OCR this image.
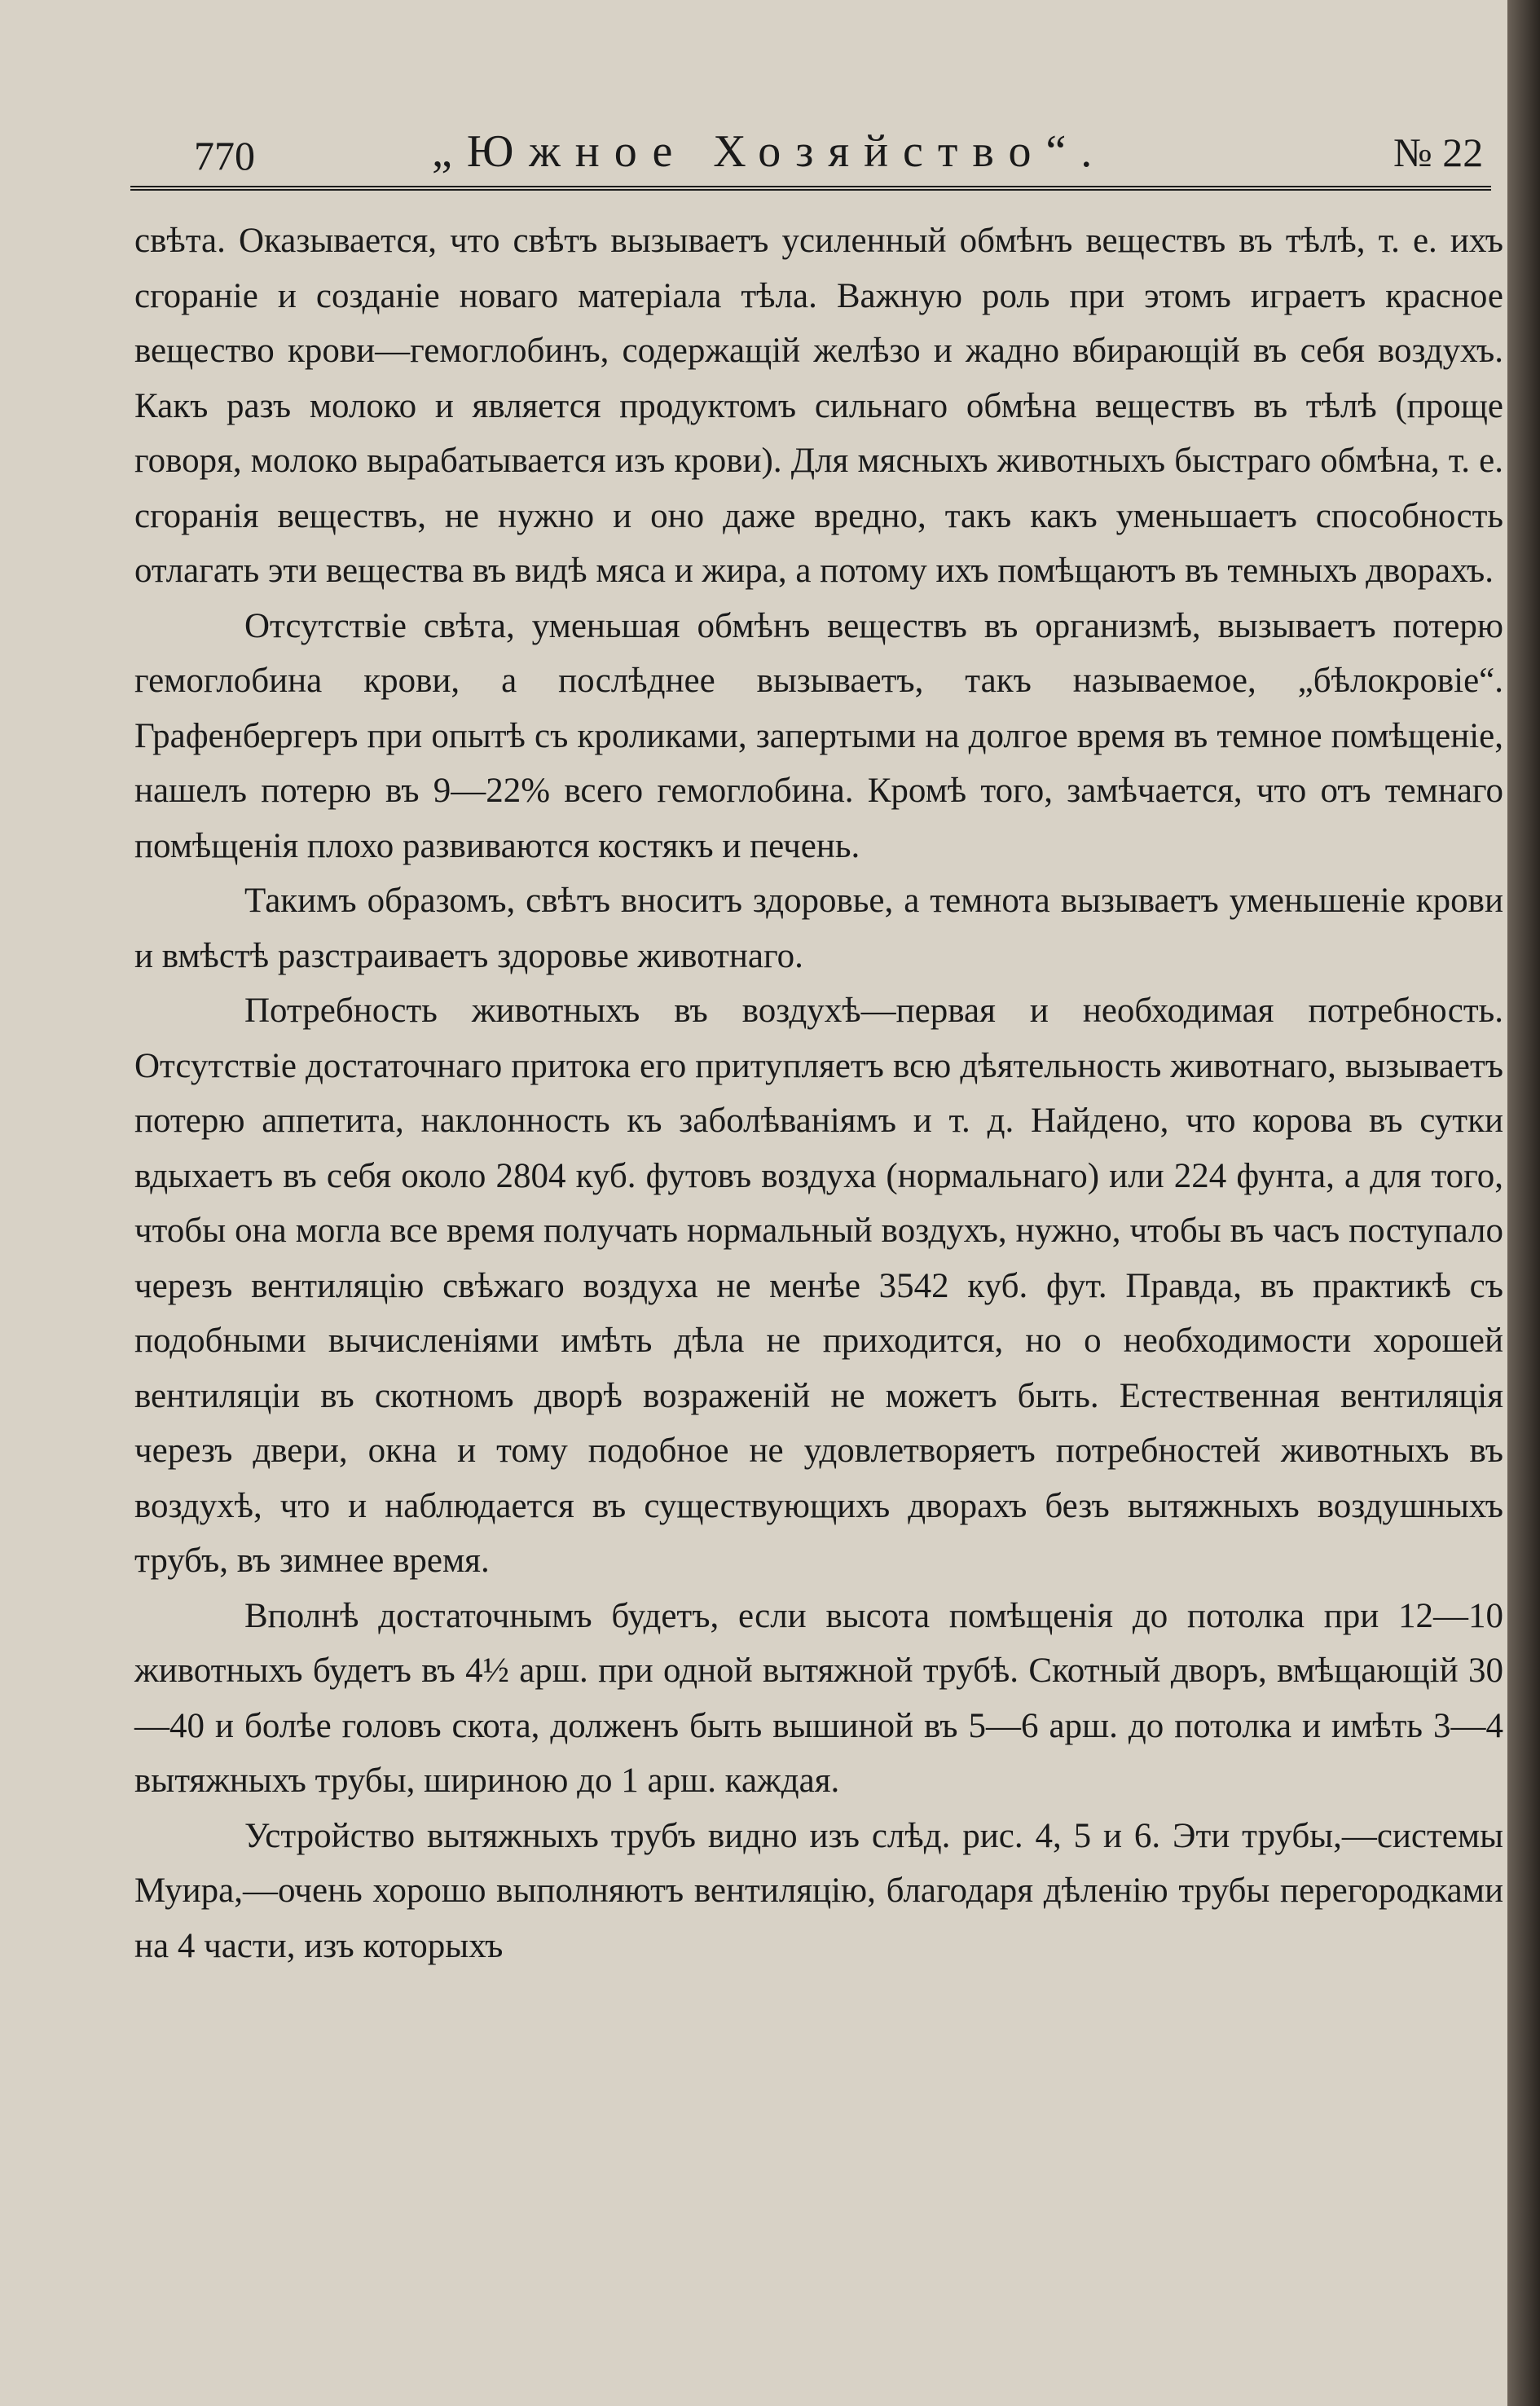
770	„Южное Хозяйство“.	№ 22

свѣта. Оказывается, что свѣтъ вызываетъ усиленный обмѣнъ веществъ въ тѣлѣ, т. е. ихъ сгораніе и созданіе новаго матеріала тѣла. Важную роль при этомъ играетъ красное вещество крови—гемоглобинъ, содержащій желѣзо и жадно вбирающій въ себя воздухъ. Какъ разъ молоко и является продуктомъ сильнаго обмѣна веществъ въ тѣлѣ (проще говоря, молоко вырабатывается изъ крови). Для мясныхъ животныхъ быстраго обмѣна, т. е. сгоранія веществъ, не нужно и оно даже вредно, такъ какъ уменьшаетъ способность отлагать эти вещества въ видѣ мяса и жира, а потому ихъ помѣщаютъ въ темныхъ дворахъ.

Отсутствіе свѣта, уменьшая обмѣнъ веществъ въ организмѣ, вызываетъ потерю гемоглобина крови, а послѣднее вызываетъ, такъ называемое, „бѣлокровіе“. Графенбергеръ при опытѣ съ кроликами, запертыми на долгое время въ темное помѣщеніе, нашелъ потерю въ 9—22% всего гемоглобина. Кромѣ того, замѣчается, что отъ темнаго помѣщенія плохо развиваются костякъ и печень.

Такимъ образомъ, свѣтъ вноситъ здоровье, а темнота вызываетъ уменьшеніе крови и вмѣстѣ разстраиваетъ здоровье животнаго.

Потребность животныхъ въ воздухѣ—первая и необходимая потребность. Отсутствіе достаточнаго притока его притупляетъ всю дѣятельность животнаго, вызываетъ потерю аппетита, наклонность къ заболѣваніямъ и т. д. Найдено, что корова въ сутки вдыхаетъ въ себя около 2804 куб. футовъ воздуха (нормальнаго) или 224 фунта, а для того, чтобы она могла все время получать нормальный воздухъ, нужно, чтобы въ часъ поступало черезъ вентиляцію свѣжаго воздуха не менѣе 3542 куб. фут. Правда, въ практикѣ съ подобными вычисленіями имѣть дѣла не приходится, но о необходимости хорошей вентиляціи въ скотномъ дворѣ возраженій не можетъ быть. Естественная вентиляція черезъ двери, окна и тому подобное не удовлетворяетъ потребностей животныхъ въ воздухѣ, что и наблюдается въ существующихъ дворахъ безъ вытяжныхъ воздушныхъ трубъ, въ зимнее время.

Вполнѣ достаточнымъ будетъ, если высота помѣщенія до потолка при 12—10 животныхъ будетъ въ 4½ арш. при одной вытяжной трубѣ. Скотный дворъ, вмѣщающій 30—40 и болѣе головъ скота, долженъ быть вышиной въ 5—6 арш. до потолка и имѣть 3—4 вытяжныхъ трубы, шириною до 1 арш. каждая.

Устройство вытяжныхъ трубъ видно изъ слѣд. рис. 4, 5 и 6. Эти трубы,—системы Муира,—очень хорошо выполняютъ вентиляцію, благодаря дѣленію трубы перегородками на 4 части, изъ которыхъ
